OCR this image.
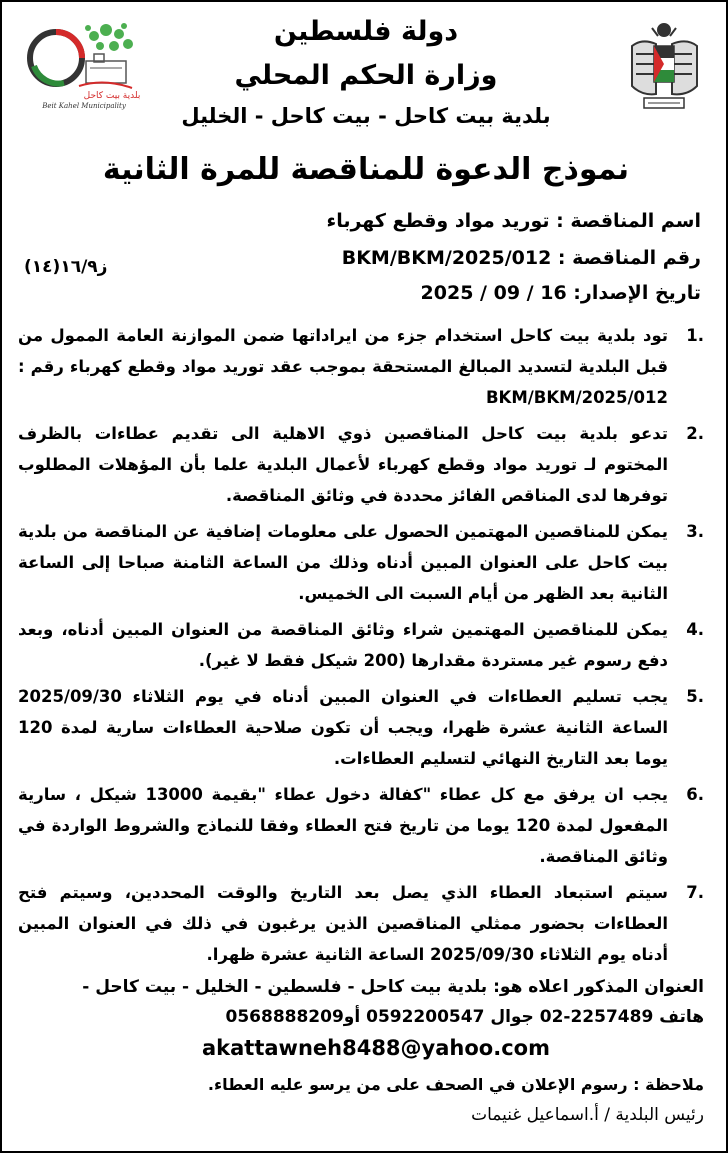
بلدية بيت كاحل
Beit Kahel Municipality
دولة فلسطين
وزارة الحكم المحلي
بلدية بيت كاحل - بيت كاحل - الخليل
نموذج الدعوة للمناقصة للمرة الثانية
اسم المناقصة : توريد مواد وقطع كهرباء
رقم المناقصة : BKM/BKM/2025/012
تاريخ الإصدار: 16 / 09 / 2025
ز١٦/٩(١٤)
1.
تود بلدية بيت كاحل استخدام جزء من ايراداتها ضمن الموازنة العامة الممول من قبل البلدية لتسديد المبالغ المستحقة بموجب عقد توريد مواد وقطع كهرباء رقم : BKM/BKM/2025/012
2.
تدعو بلدية بيت كاحل المناقصين ذوي الاهلية الى تقديم عطاءات بالظرف المختوم لـ توريد مواد وقطع كهرباء لأعمال البلدية علما بأن المؤهلات المطلوب توفرها لدى المناقص الفائز محددة في وثائق المناقصة.
3.
يمكن للمناقصين المهتمين الحصول على معلومات إضافية عن المناقصة من بلدية بيت كاحل على العنوان المبين أدناه وذلك من الساعة الثامنة صباحا إلى الساعة الثانية بعد الظهر من أيام السبت الى الخميس.
4.
يمكن للمناقصين المهتمين شراء وثائق المناقصة من العنوان المبين أدناه، وبعد دفع رسوم غير مستردة مقدارها (200 شيكل فقط لا غير).
5.
يجب تسليم العطاءات في العنوان المبين أدناه في يوم الثلاثاء 2025/09/30 الساعة الثانية عشرة ظهرا، ويجب أن تكون صلاحية العطاءات سارية لمدة 120 يوما بعد التاريخ النهائي لتسليم العطاءات.
6.
يجب ان يرفق مع كل عطاء "كفالة دخول عطاء "بقيمة 13000 شيكل ، سارية المفعول لمدة 120 يوما من تاريخ فتح العطاء وفقا للنماذج والشروط الواردة في وثائق المناقصة.
7.
سيتم استبعاد العطاء الذي يصل بعد التاريخ والوقت المحددين، وسيتم فتح العطاءات بحضور ممثلي المناقصين الذين يرغبون في ذلك في العنوان المبين أدناه يوم الثلاثاء 2025/09/30 الساعة الثانية عشرة ظهرا.
العنوان المذكور اعلاه هو: بلدية بيت كاحل - فلسطين - الخليل - بيت كاحل -
هاتف 2257489-02 جوال 0592200547 أو0568888209
akattawneh8488@yahoo.com
ملاحظة : رسوم الإعلان في الصحف على من يرسو عليه العطاء.
رئيس البلدية / أ.اسماعيل غنيمات
